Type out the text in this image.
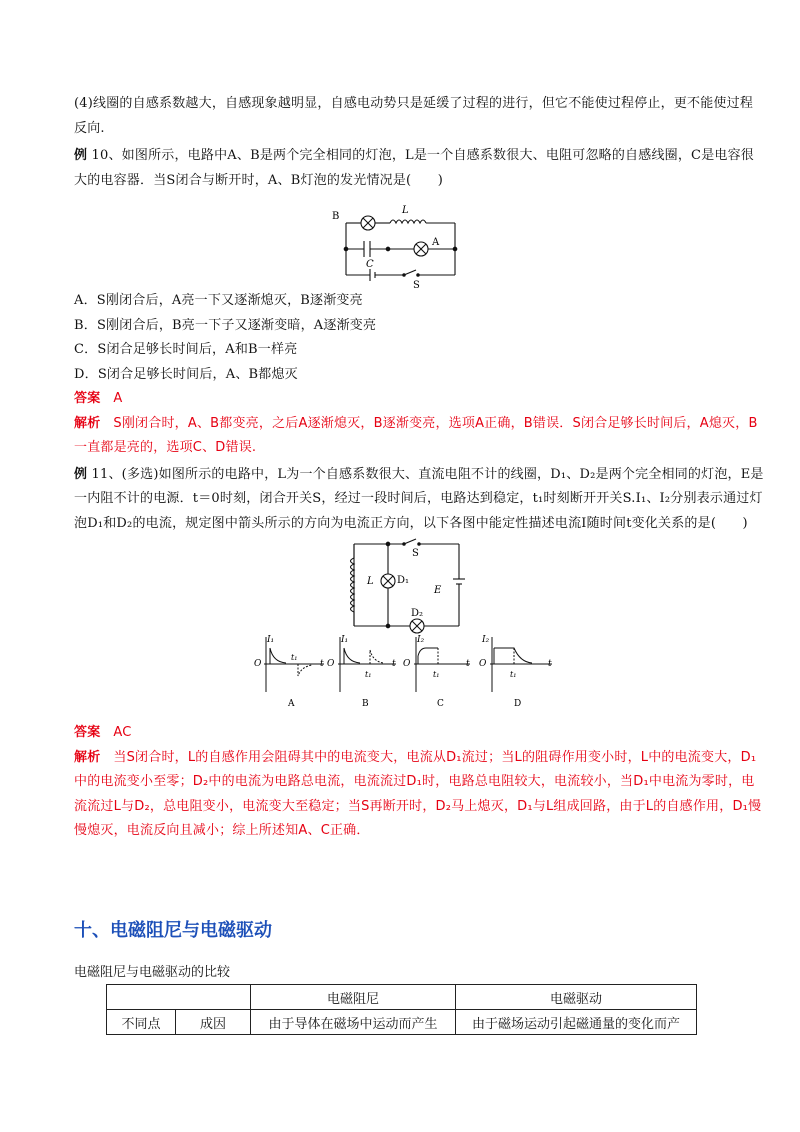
(4)线圈的自感系数越大，自感现象越明显，自感电动势只是延缓了过程的进行，但它不能使过程停止，更不能使过程反向.

例 10、如图所示，电路中A、B是两个完全相同的灯泡，L是一个自感系数很大、电阻可忽略的自感线圈，C是电容很大的电容器．当S闭合与断开时，A、B灯泡的发光情况是(　　)

B
L
A
C
S

A．S刚闭合后，A亮一下又逐渐熄灭，B逐渐变亮

B．S刚闭合后，B亮一下子又逐渐变暗，A逐渐变亮

C．S闭合足够长时间后，A和B一样亮

D．S闭合足够长时间后，A、B都熄灭

答案 A

解析 S刚闭合时，A、B都变亮，之后A逐渐熄灭，B逐渐变亮，选项A正确，B错误．S闭合足够长时间后，A熄灭，B一直都是亮的，选项C、D错误.

例 11、(多选)如图所示的电路中，L为一个自感系数很大、直流电阻不计的线圈，D₁、D₂是两个完全相同的灯泡，E是一内阻不计的电源．t＝0时刻，闭合开关S，经过一段时间后，电路达到稳定，t₁时刻断开开关S.I₁、I₂分别表示通过灯泡D₁和D₂的电流，规定图中箭头所示的方向为电流正方向，以下各图中能定性描述电流I随时间t变化关系的是(　　)

L
S
D₁
E
D₂
O
I₁
t₁
t
A
O
I₁
t₁
t
B
O
I₂
t₁
t
C
O
I₂
t₁
t
D

答案 AC

解析 当S闭合时，L的自感作用会阻碍其中的电流变大，电流从D₁流过；当L的阻碍作用变小时，L中的电流变大，D₁中的电流变小至零；D₂中的电流为电路总电流，电流流过D₁时，电路总电阻较大，电流较小，当D₁中电流为零时，电流流过L与D₂，总电阻变小，电流变大至稳定；当S再断开时，D₂马上熄灭，D₁与L组成回路，由于L的自感作用，D₁慢慢熄灭，电流反向且减小；综上所述知A、C正确．

十、电磁阻尼与电磁驱动
电磁阻尼与电磁驱动的比较
		电磁阻尼	电磁驱动
不同点	成因	由于导体在磁场中运动而产生	由于磁场运动引起磁通量的变化而产
